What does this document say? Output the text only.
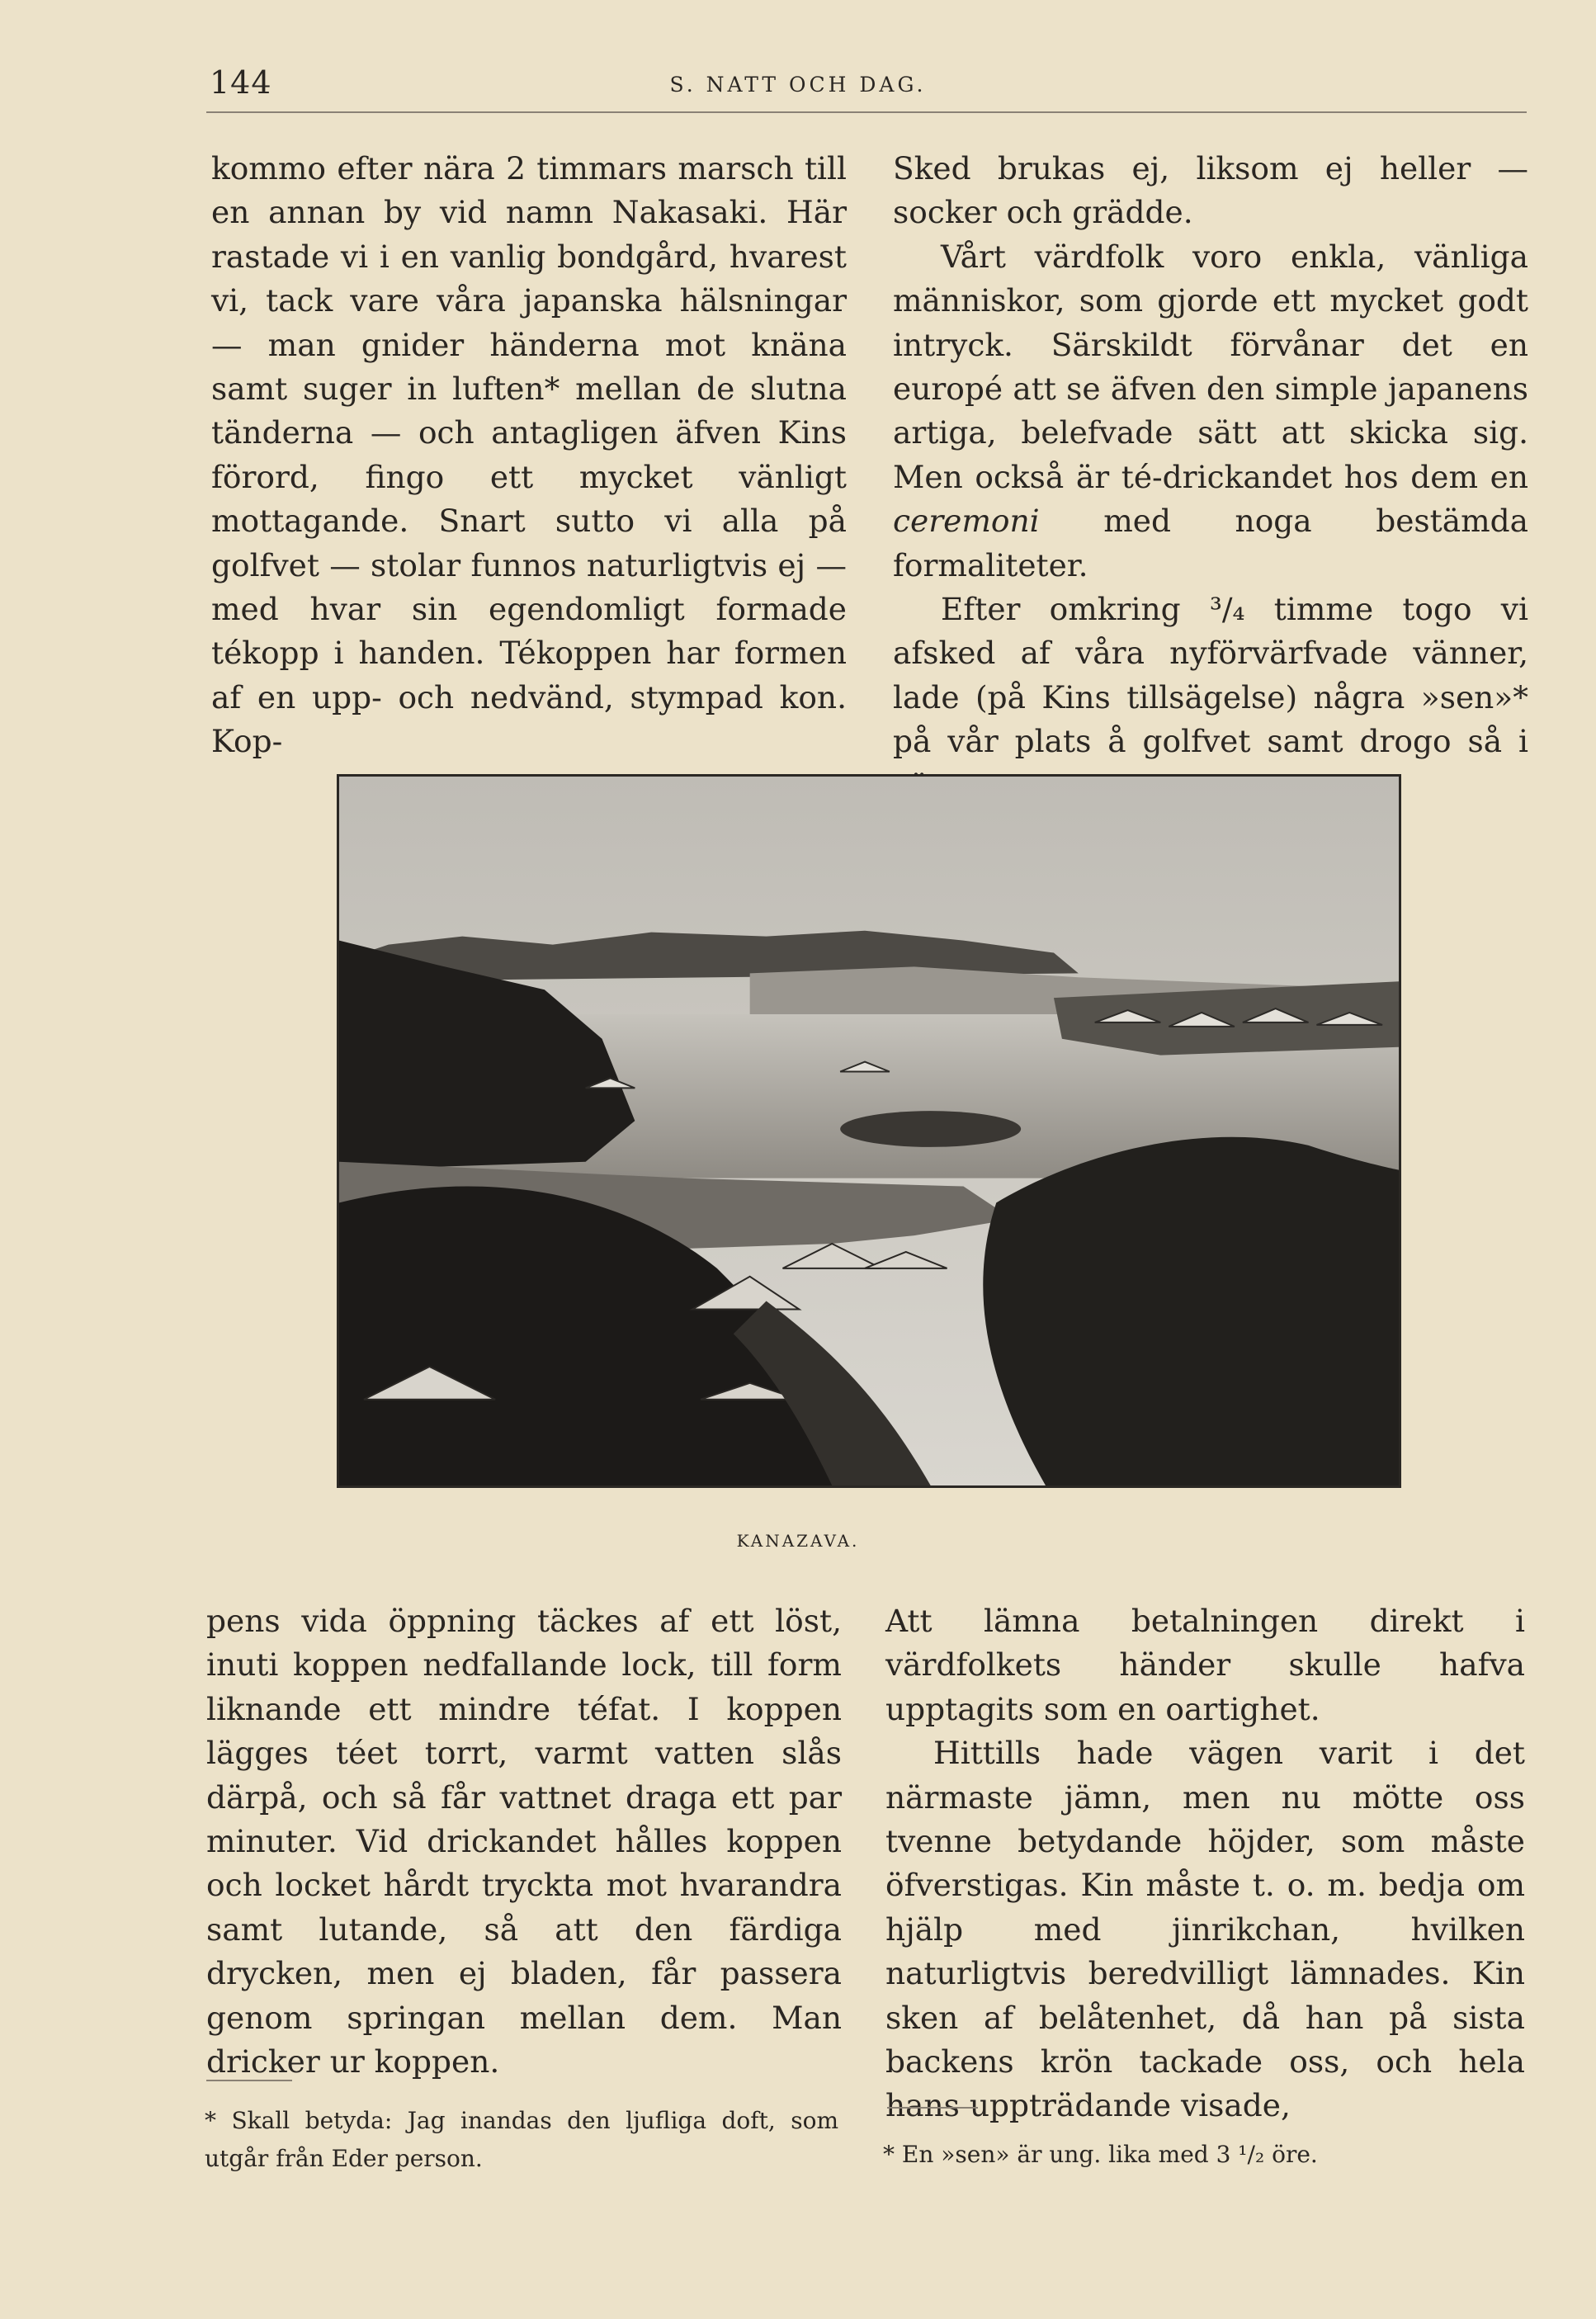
144	S. NATT OCH DAG.

kommo efter nära 2 timmars marsch till en annan by vid namn Nakasaki. Här rastade vi i en vanlig bondgård, hvarest vi, tack vare våra japanska hälsningar — man gnider händerna mot knäna samt suger in luften* mellan de slutna tänderna — och antagligen äfven Kins förord, fingo ett mycket vänligt mottagande. Snart sutto vi alla på golfvet — stolar funnos naturligtvis ej — med hvar sin egendomligt formade tékopp i handen. Tékoppen har formen af en upp- och nedvänd, stympad kon. Kop-

Sked brukas ej, liksom ej heller — socker och grädde.

Vårt värdfolk voro enkla, vänliga människor, som gjorde ett mycket godt intryck. Särskildt förvånar det en europé att se äfven den simple japanens artiga, belefvade sätt att skicka sig. Men också är té-drickandet hos dem en ceremoni med noga bestämda formaliteter.

Efter omkring ³/₄ timme togo vi afsked af våra nyförvärfvade vänner, lade (på Kins tillsägelse) några »sen»* på vår plats å golfvet samt drogo så i

KANAZAVA.

pens vida öppning täckes af ett löst, inuti koppen nedfallande lock, till form liknande ett mindre téfat. I koppen lägges téet torrt, varmt vatten slås därpå, och så får vattnet draga ett par minuter. Vid drickandet hålles koppen och locket hårdt tryckta mot hvarandra samt lutande, så att den färdiga drycken, men ej bladen, får passera genom springan mellan dem. Man dricker ur koppen.

Att lämna betalningen direkt i värdfolkets händer skulle hafva upptagits som en oartighet.

Hittills hade vägen varit i det närmaste jämn, men nu mötte oss tvenne betydande höjder, som måste öfverstigas. Kin måste t. o. m. bedja om hjälp med jinrikchan, hvilken naturligtvis beredvilligt lämnades. Kin sken af belåtenhet, då han på sista backens krön tackade oss, och hela hans uppträdande visade,

* Skall betyda: Jag inandas den ljufliga doft, som utgår från Eder person.	* En »sen» är ung. lika med 3 ¹/₂ öre.
